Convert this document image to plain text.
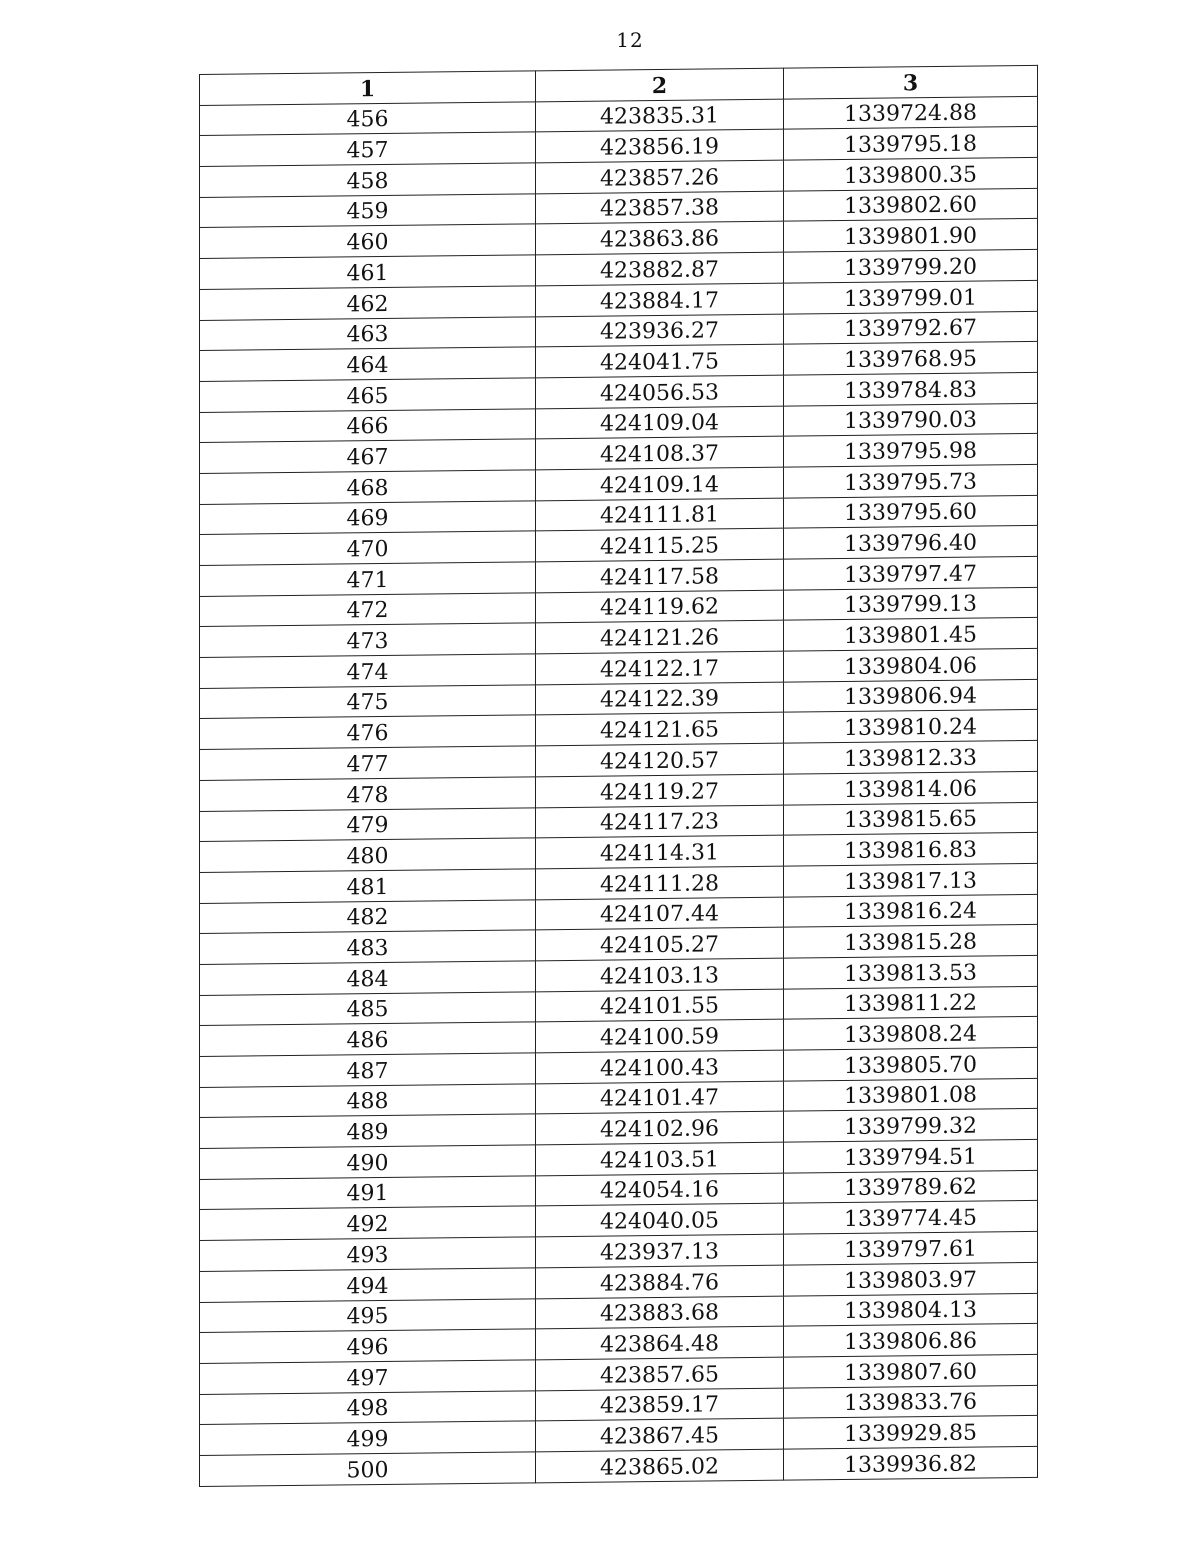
12
1	2	3
456	423835.31	1339724.88
457	423856.19	1339795.18
458	423857.26	1339800.35
459	423857.38	1339802.60
460	423863.86	1339801.90
461	423882.87	1339799.20
462	423884.17	1339799.01
463	423936.27	1339792.67
464	424041.75	1339768.95
465	424056.53	1339784.83
466	424109.04	1339790.03
467	424108.37	1339795.98
468	424109.14	1339795.73
469	424111.81	1339795.60
470	424115.25	1339796.40
471	424117.58	1339797.47
472	424119.62	1339799.13
473	424121.26	1339801.45
474	424122.17	1339804.06
475	424122.39	1339806.94
476	424121.65	1339810.24
477	424120.57	1339812.33
478	424119.27	1339814.06
479	424117.23	1339815.65
480	424114.31	1339816.83
481	424111.28	1339817.13
482	424107.44	1339816.24
483	424105.27	1339815.28
484	424103.13	1339813.53
485	424101.55	1339811.22
486	424100.59	1339808.24
487	424100.43	1339805.70
488	424101.47	1339801.08
489	424102.96	1339799.32
490	424103.51	1339794.51
491	424054.16	1339789.62
492	424040.05	1339774.45
493	423937.13	1339797.61
494	423884.76	1339803.97
495	423883.68	1339804.13
496	423864.48	1339806.86
497	423857.65	1339807.60
498	423859.17	1339833.76
499	423867.45	1339929.85
500	423865.02	1339936.82
